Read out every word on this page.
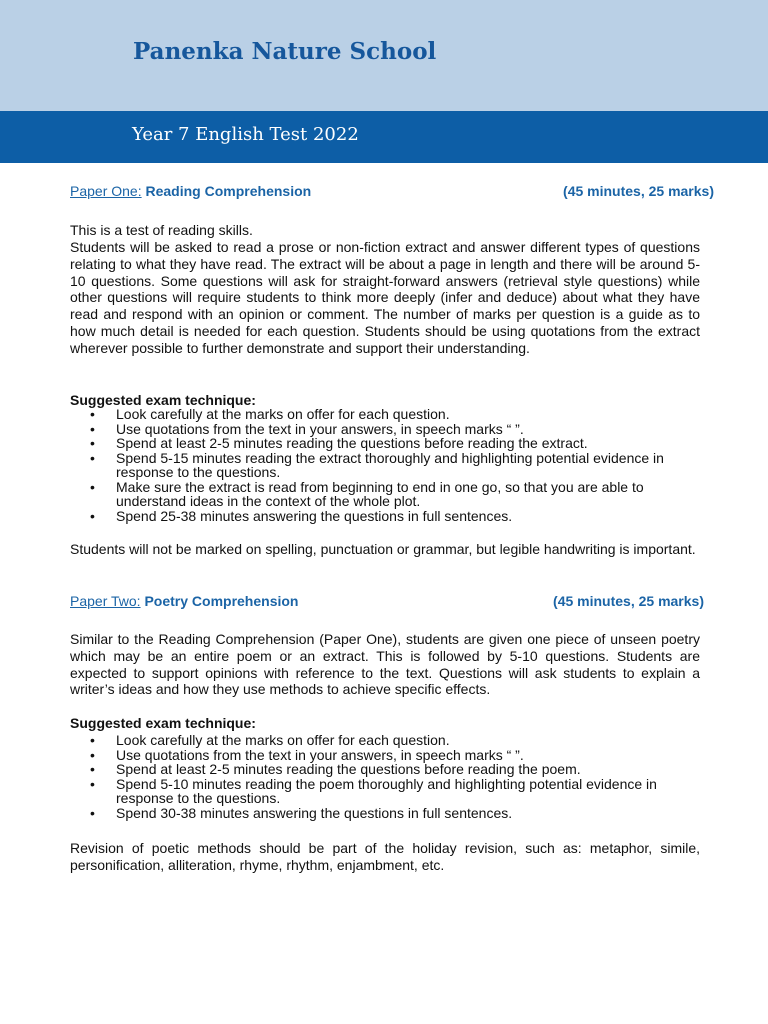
Panenka Nature School
Year 7 English Test 2022
Paper One: Reading Comprehension	(45 minutes, 25 marks)

This is a test of reading skills.

Students will be asked to read a prose or non-fiction extract and answer different types of questions relating to what they have read. The extract will be about a page in length and there will be around 5-10 questions. Some questions will ask for straight-forward answers (retrieval style questions) while other questions will require students to think more deeply (infer and deduce) about what they have read and respond with an opinion or comment. The number of marks per question is a guide as to how much detail is needed for each question. Students should be using quotations from the extract wherever possible to further demonstrate and support their understanding.

Suggested exam technique:

• Look carefully at the marks on offer for each question.
• Use quotations from the text in your answers, in speech marks “ ”.
• Spend at least 2-5 minutes reading the questions before reading the extract.
• Spend 5-15 minutes reading the extract thoroughly and highlighting potential evidence in response to the questions.
• Make sure the extract is read from beginning to end in one go, so that you are able to understand ideas in the context of the whole plot.
• Spend 25-38 minutes answering the questions in full sentences.

Students will not be marked on spelling, punctuation or grammar, but legible handwriting is important.

Paper Two: Poetry Comprehension	(45 minutes, 25 marks)

Similar to the Reading Comprehension (Paper One), students are given one piece of unseen poetry which may be an entire poem or an extract. This is followed by 5-10 questions. Students are expected to support opinions with reference to the text. Questions will ask students to explain a writer’s ideas and how they use methods to achieve specific effects.

Suggested exam technique:

• Look carefully at the marks on offer for each question.
• Use quotations from the text in your answers, in speech marks “ ”.
• Spend at least 2-5 minutes reading the questions before reading the poem.
• Spend 5-10 minutes reading the poem thoroughly and highlighting potential evidence in response to the questions.
• Spend 30-38 minutes answering the questions in full sentences.

Revision of poetic methods should be part of the holiday revision, such as: metaphor, simile, personification, alliteration, rhyme, rhythm, enjambment, etc.
